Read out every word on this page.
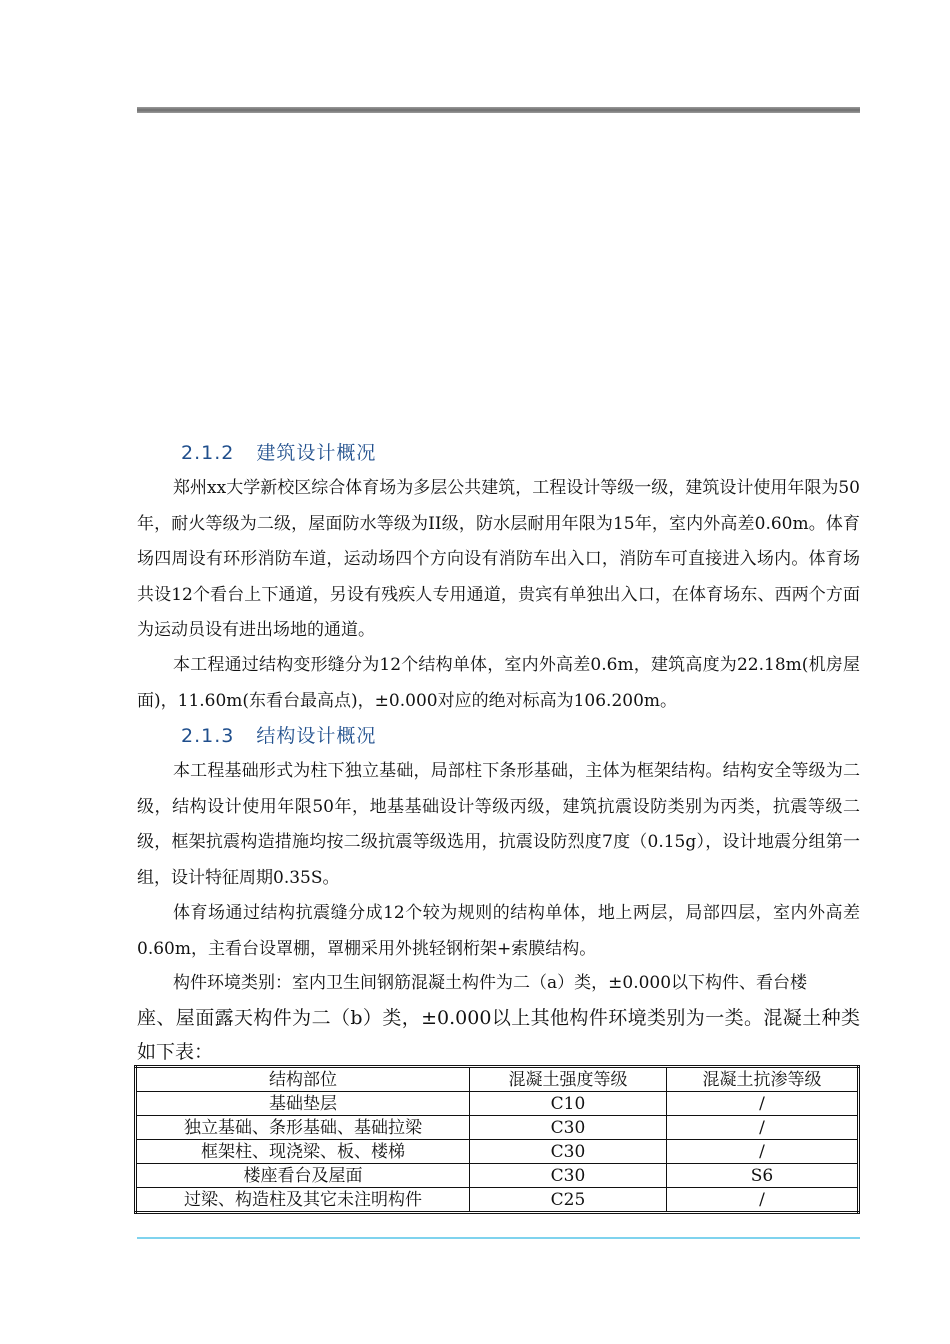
2.1.2 建筑设计概况

郑州xx大学新校区综合体育场为多层公共建筑，工程设计等级一级，建筑设计使用年限为50年，耐火等级为二级，屋面防水等级为II级，防水层耐用年限为15年，室内外高差0.60m。体育场四周设有环形消防车道，运动场四个方向设有消防车出入口，消防车可直接进入场内。体育场共设12个看台上下通道，另设有残疾人专用通道，贵宾有单独出入口，在体育场东、西两个方面为运动员设有进出场地的通道。

本工程通过结构变形缝分为12个结构单体，室内外高差0.6m，建筑高度为22.18m(机房屋面)，11.60m(东看台最高点)，±0.000对应的绝对标高为106.200m。

2.1.3 结构设计概况

本工程基础形式为柱下独立基础，局部柱下条形基础，主体为框架结构。结构安全等级为二级，结构设计使用年限50年，地基基础设计等级丙级，建筑抗震设防类别为丙类，抗震等级二级，框架抗震构造措施均按二级抗震等级选用，抗震设防烈度7度（0.15g），设计地震分组第一组，设计特征周期0.35S。

体育场通过结构抗震缝分成12个较为规则的结构单体，地上两层，局部四层，室内外高差0.60m，主看台设罩棚，罩棚采用外挑轻钢桁架+索膜结构。

构件环境类别：室内卫生间钢筋混凝土构件为二（a）类，±0.000以下构件、看台楼

座、屋面露天构件为二（b）类，±0.000以上其他构件环境类别为一类。混凝土种类如下表：

结构部位	混凝土强度等级	混凝土抗渗等级
基础垫层	C10	/
独立基础、条形基础、基础拉梁	C30	/
框架柱、现浇梁、板、楼梯	C30	/
楼座看台及屋面	C30	S6
过梁、构造柱及其它未注明构件	C25	/
